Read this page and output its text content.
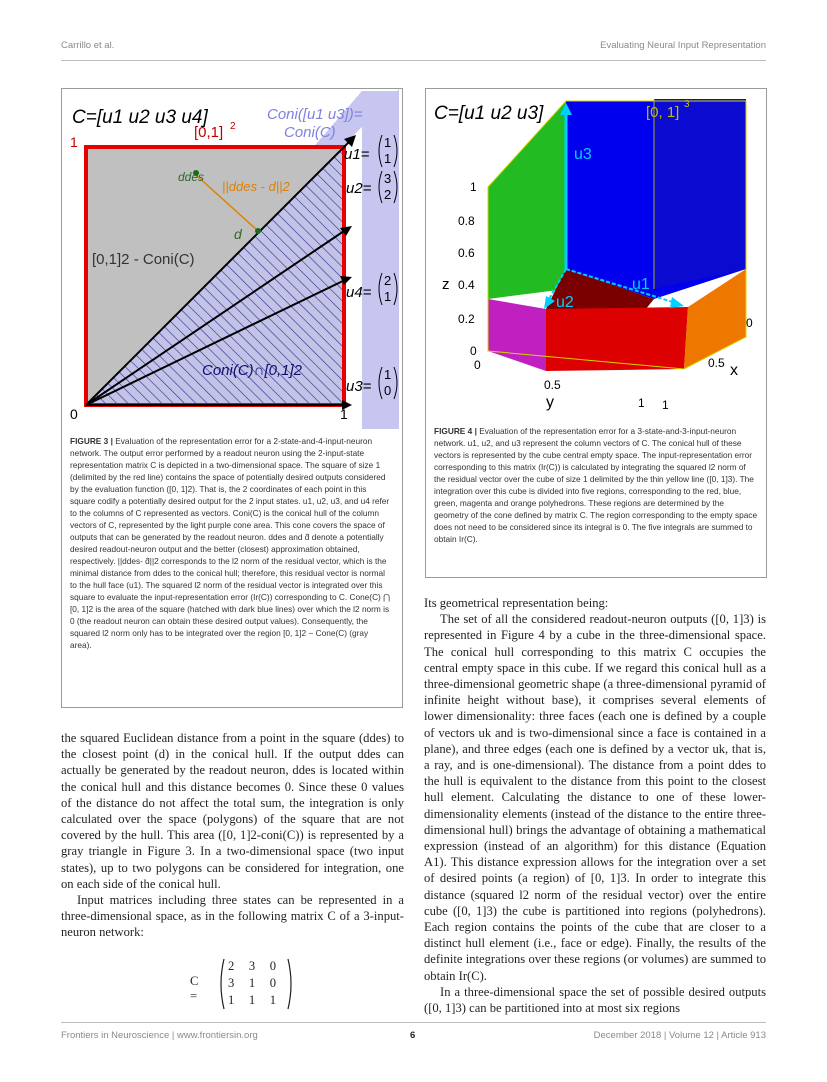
Carrillo et al.	Evaluating Neural Input Representation
C=[u1 u2 u3 u4]
[0,1] 2
Coni([u1 u3])=
Coni(C)
[0,1]2 - Coni(C)
Coni(C)∩[0,1]2
1
0	1
ddes
d
||ddes - d||2
u1=
1
1
u2=
3
2
u4=
2
1
u3=
1
0

FIGURE 3 | Evaluation of the representation error for a 2-state-and-4-input-neuron network. The output error performed by a readout neuron using the 2-input-state representation matrix C is depicted in a two-dimensional space. The square of size 1 (delimited by the red line) contains the space of potentially desired outputs considered by the evaluation function ([0, 1]2). That is, the 2 coordinates of each point in this square codify a potentially desired output for the 2 input states. u1, u2, u3, and u4 refer to the columns of C represented as vectors. Coni(C) is the conical hull of the column vectors of C, represented by the light purple cone area. This cone covers the space of outputs that can be generated by the readout neuron. ddes and d̂ denote a potentially desired readout-neuron output and the better (closest) approximation obtained, respectively. ||ddes- d̂||2 corresponds to the l2 norm of the residual vector, which is the minimal distance from ddes to the conical hull; therefore, this residual vector is normal to the hull face (u1). The squared l2 norm of the residual vector is integrated over this square to evaluate the input-representation error (Ir(C)) corresponding to C. Cone(C) ⋂ [0, 1]2 is the area of the square (hatched with dark blue lines) over which the l2 norm is 0 (the readout neuron can obtain these desired output values). Consequently, the squared l2 norm only has to be integrated over the region [0, 1]2 − Cone(C) (gray area).

C=[u1 u2 u3]	[0, 1] 3
u3
u1
u2
z
1
0.8
0.6
0.4
0.2
0
0
0.5
y	1
0
0.5 x
1

FIGURE 4 | Evaluation of the representation error for a 3-state-and-3-input-neuron network. u1, u2, and u3 represent the column vectors of C. The conical hull of these vectors is represented by the cube central empty space. The input-representation error corresponding to this matrix (Ir(C)) is calculated by integrating the squared l2 norm of the residual vector over the cube of size 1 delimited by the thin yellow line ([0, 1]3). The integration over this cube is divided into five regions, corresponding to the red, blue, green, magenta and orange polyhedrons. These regions are determined by the geometry of the cone defined by matrix C. The region corresponding to the empty space does not need to be considered since its integral is 0. The five integrals are summed to obtain Ir(C).

the squared Euclidean distance from a point in the square (ddes) to the closest point (d) in the conical hull. If the output ddes can actually be generated by the readout neuron, ddes is located within the conical hull and this distance becomes 0. Since these 0 values of the distance do not affect the total sum, the integration is only calculated over the space (polygons) of the square that are not covered by the hull. This area ([0, 1]2-coni(C)) is represented by a gray triangle in Figure 3. In a two-dimensional space (two input states), up to two polygons can be considered for integration, one on each side of the conical hull.

Input matrices including three states can be represented in a three-dimensional space, as in the following matrix C of a 3-input-neuron network:

C =
2 3 0
3 1 0
1 1 1

Its geometrical representation being:

The set of all the considered readout-neuron outputs ([0, 1]3) is represented in Figure 4 by a cube in the three-dimensional space. The conical hull corresponding to this matrix C occupies the central empty space in this cube. If we regard this conical hull as a three-dimensional geometric shape (a three-dimensional pyramid of infinite height without base), it comprises several elements of lower dimensionality: three faces (each one is defined by a couple of vectors uk and is two-dimensional since a face is contained in a plane), and three edges (each one is defined by a vector uk, that is, a ray, and is one-dimensional). The distance from a point ddes to the hull is equivalent to the distance from this point to the closest hull element. Calculating the distance to one of these lower-dimensionality elements (instead of the distance to the entire three-dimensional hull) brings the advantage of obtaining a mathematical expression (instead of an algorithm) for this distance (Equation A1). This distance expression allows for the integration over a set of desired points (a region) of [0, 1]3. In order to integrate this distance (squared l2 norm of the residual vector) over the entire cube ([0, 1]3) the cube is partitioned into regions (polyhedrons). Each region contains the points of the cube that are closer to a distinct hull element (i.e., face or edge). Finally, the results of the definite integrations over these regions (or volumes) are summed to obtain Ir(C).

In a three-dimensional space the set of possible desired outputs ([0, 1]3) can be partitioned into at most six regions

Frontiers in Neuroscience | www.frontiersin.org	6	December 2018 | Volume 12 | Article 913
